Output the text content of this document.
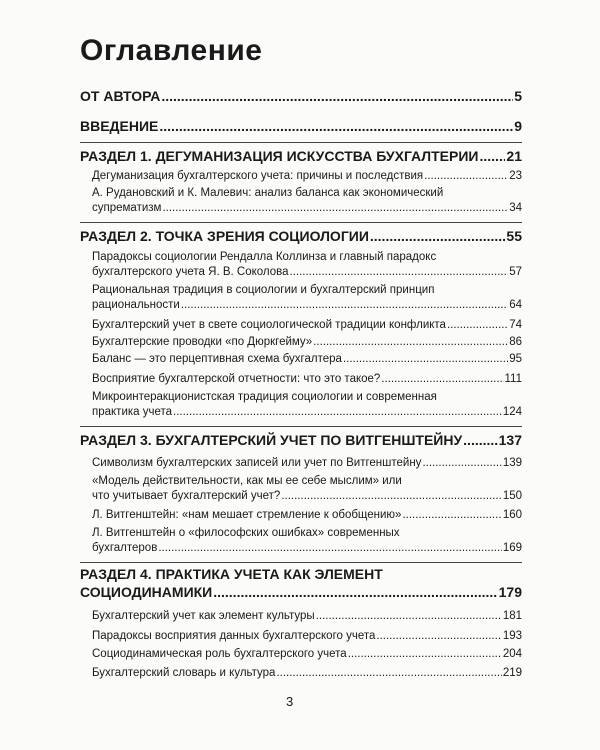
Оглавление
ОТ АВТОРА .....	5
ВВЕДЕНИЕ .....	9
РАЗДЕЛ 1. ДЕГУМАНИЗАЦИЯ ИСКУССТВА БУХГАЛТЕРИИ ..... 21
Дегуманизация бухгалтерского учета: причины и последствия .....	23
А. Рудановский и К. Малевич: анализ баланса как экономический
супрематизм .....	34
РАЗДЕЛ 2. ТОЧКА ЗРЕНИЯ СОЦИОЛОГИИ .....	55
Парадоксы социологии Рендалла Коллинза и главный парадокс
бухгалтерского учета Я. В. Соколова .....	57
Рациональная традиция в социологии и бухгалтерский принцип
рациональности .....	64
Бухгалтерский учет в свете социологической традиции конфликта .....	74
Бухгалтерские проводки «по Дюркгейму» .....	86
Баланс — это перцептивная схема бухгалтера .....	95
Восприятие бухгалтерской отчетности: что это такое? .....	111
Микроинтеракционистская традиция социологии и современная
практика учета .....	124
РАЗДЕЛ 3. БУХГАЛТЕРСКИЙ УЧЕТ ПО ВИТГЕНШТЕЙНУ .....	137
Символизм бухгалтерских записей или учет по Витгенштейну .....	139
«Модель действительности, как мы ее себе мыслим» или
что учитывает бухгалтерский учет? .....	150
Л. Витгенштейн: «нам мешает стремление к обобщению» .....	160
Л. Витгенштейн о «философских ошибках» современных
бухгалтеров .....	169
РАЗДЕЛ 4. ПРАКТИКА УЧЕТА КАК ЭЛЕМЕНТ
СОЦИОДИНАМИКИ .....	179
Бухгалтерский учет как элемент культуры .....	181
Парадоксы восприятия данных бухгалтерского учета .....	193
Социодинамическая роль бухгалтерского учета .....	204
Бухгалтерский словарь и культура .....	219
3
